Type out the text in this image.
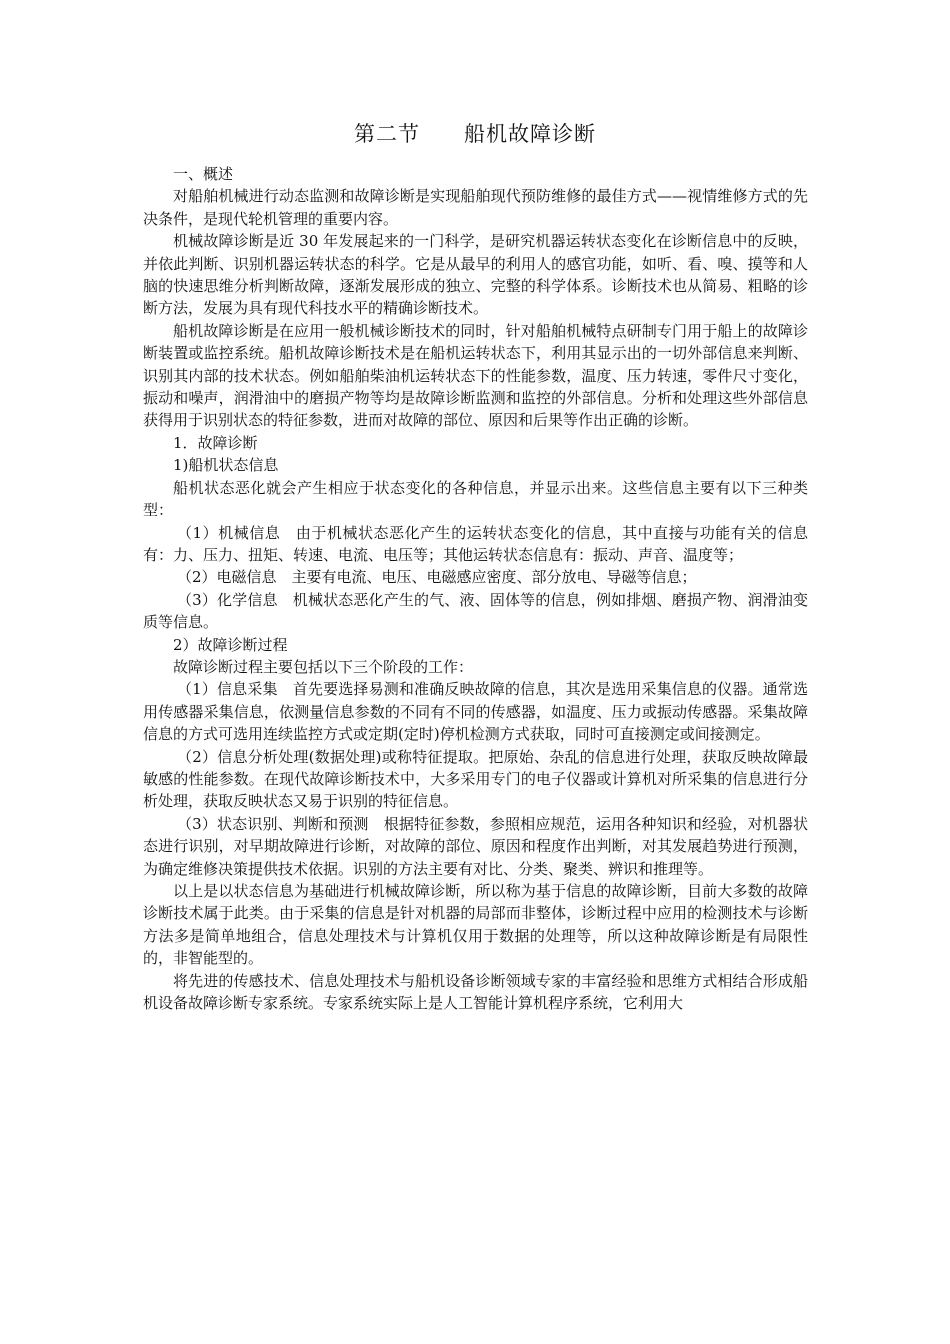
第二节　　船机故障诊断

一、概述

对船舶机械进行动态监测和故障诊断是实现船舶现代预防维修的最佳方式——视情维修方式的先决条件，是现代轮机管理的重要内容。

机械故障诊断是近 30 年发展起来的一门科学，是研究机器运转状态变化在诊断信息中的反映，并依此判断、识别机器运转状态的科学。它是从最早的利用人的感官功能，如听、看、嗅、摸等和人脑的快速思维分析判断故障，逐渐发展形成的独立、完整的科学体系。诊断技术也从简易、粗略的诊断方法，发展为具有现代科技水平的精确诊断技术。

船机故障诊断是在应用一般机械诊断技术的同时，针对船舶机械特点研制专门用于船上的故障诊断装置或监控系统。船机故障诊断技术是在船机运转状态下，利用其显示出的一切外部信息来判断、识别其内部的技术状态。例如船舶柴油机运转状态下的性能参数，温度、压力转速，零件尺寸变化，振动和噪声，润滑油中的磨损产物等均是故障诊断监测和监控的外部信息。分析和处理这些外部信息获得用于识别状态的特征参数，进而对故障的部位、原因和后果等作出正确的诊断。

1．故障诊断

1)船机状态信息

船机状态恶化就会产生相应于状态变化的各种信息，并显示出来。这些信息主要有以下三种类型：

（1）机械信息　由于机械状态恶化产生的运转状态变化的信息，其中直接与功能有关的信息有：力、压力、扭矩、转速、电流、电压等；其他运转状态信息有：振动、声音、温度等；

（2）电磁信息　主要有电流、电压、电磁感应密度、部分放电、导磁等信息；

（3）化学信息　机械状态恶化产生的气、液、固体等的信息，例如排烟、磨损产物、润滑油变质等信息。

2）故障诊断过程

故障诊断过程主要包括以下三个阶段的工作：

（1）信息采集　首先要选择易测和准确反映故障的信息，其次是选用采集信息的仪器。通常选用传感器采集信息，依测量信息参数的不同有不同的传感器，如温度、压力或振动传感器。采集故障信息的方式可选用连续监控方式或定期(定时)停机检测方式获取，同时可直接测定或间接测定。

（2）信息分析处理(数据处理)或称特征提取。把原始、杂乱的信息进行处理，获取反映故障最敏感的性能参数。在现代故障诊断技术中，大多采用专门的电子仪器或计算机对所采集的信息进行分析处理，获取反映状态又易于识别的特征信息。

（3）状态识别、判断和预测　根据特征参数，参照相应规范，运用各种知识和经验，对机器状态进行识别，对早期故障进行诊断，对故障的部位、原因和程度作出判断，对其发展趋势进行预测，为确定维修决策提供技术依据。识别的方法主要有对比、分类、聚类、辨识和推理等。

以上是以状态信息为基础进行机械故障诊断，所以称为基于信息的故障诊断，目前大多数的故障诊断技术属于此类。由于采集的信息是针对机器的局部而非整体，诊断过程中应用的检测技术与诊断方法多是简单地组合，信息处理技术与计算机仅用于数据的处理等，所以这种故障诊断是有局限性的，非智能型的。

将先进的传感技术、信息处理技术与船机设备诊断领域专家的丰富经验和思维方式相结合形成船机设备故障诊断专家系统。专家系统实际上是人工智能计算机程序系统，它利用大
